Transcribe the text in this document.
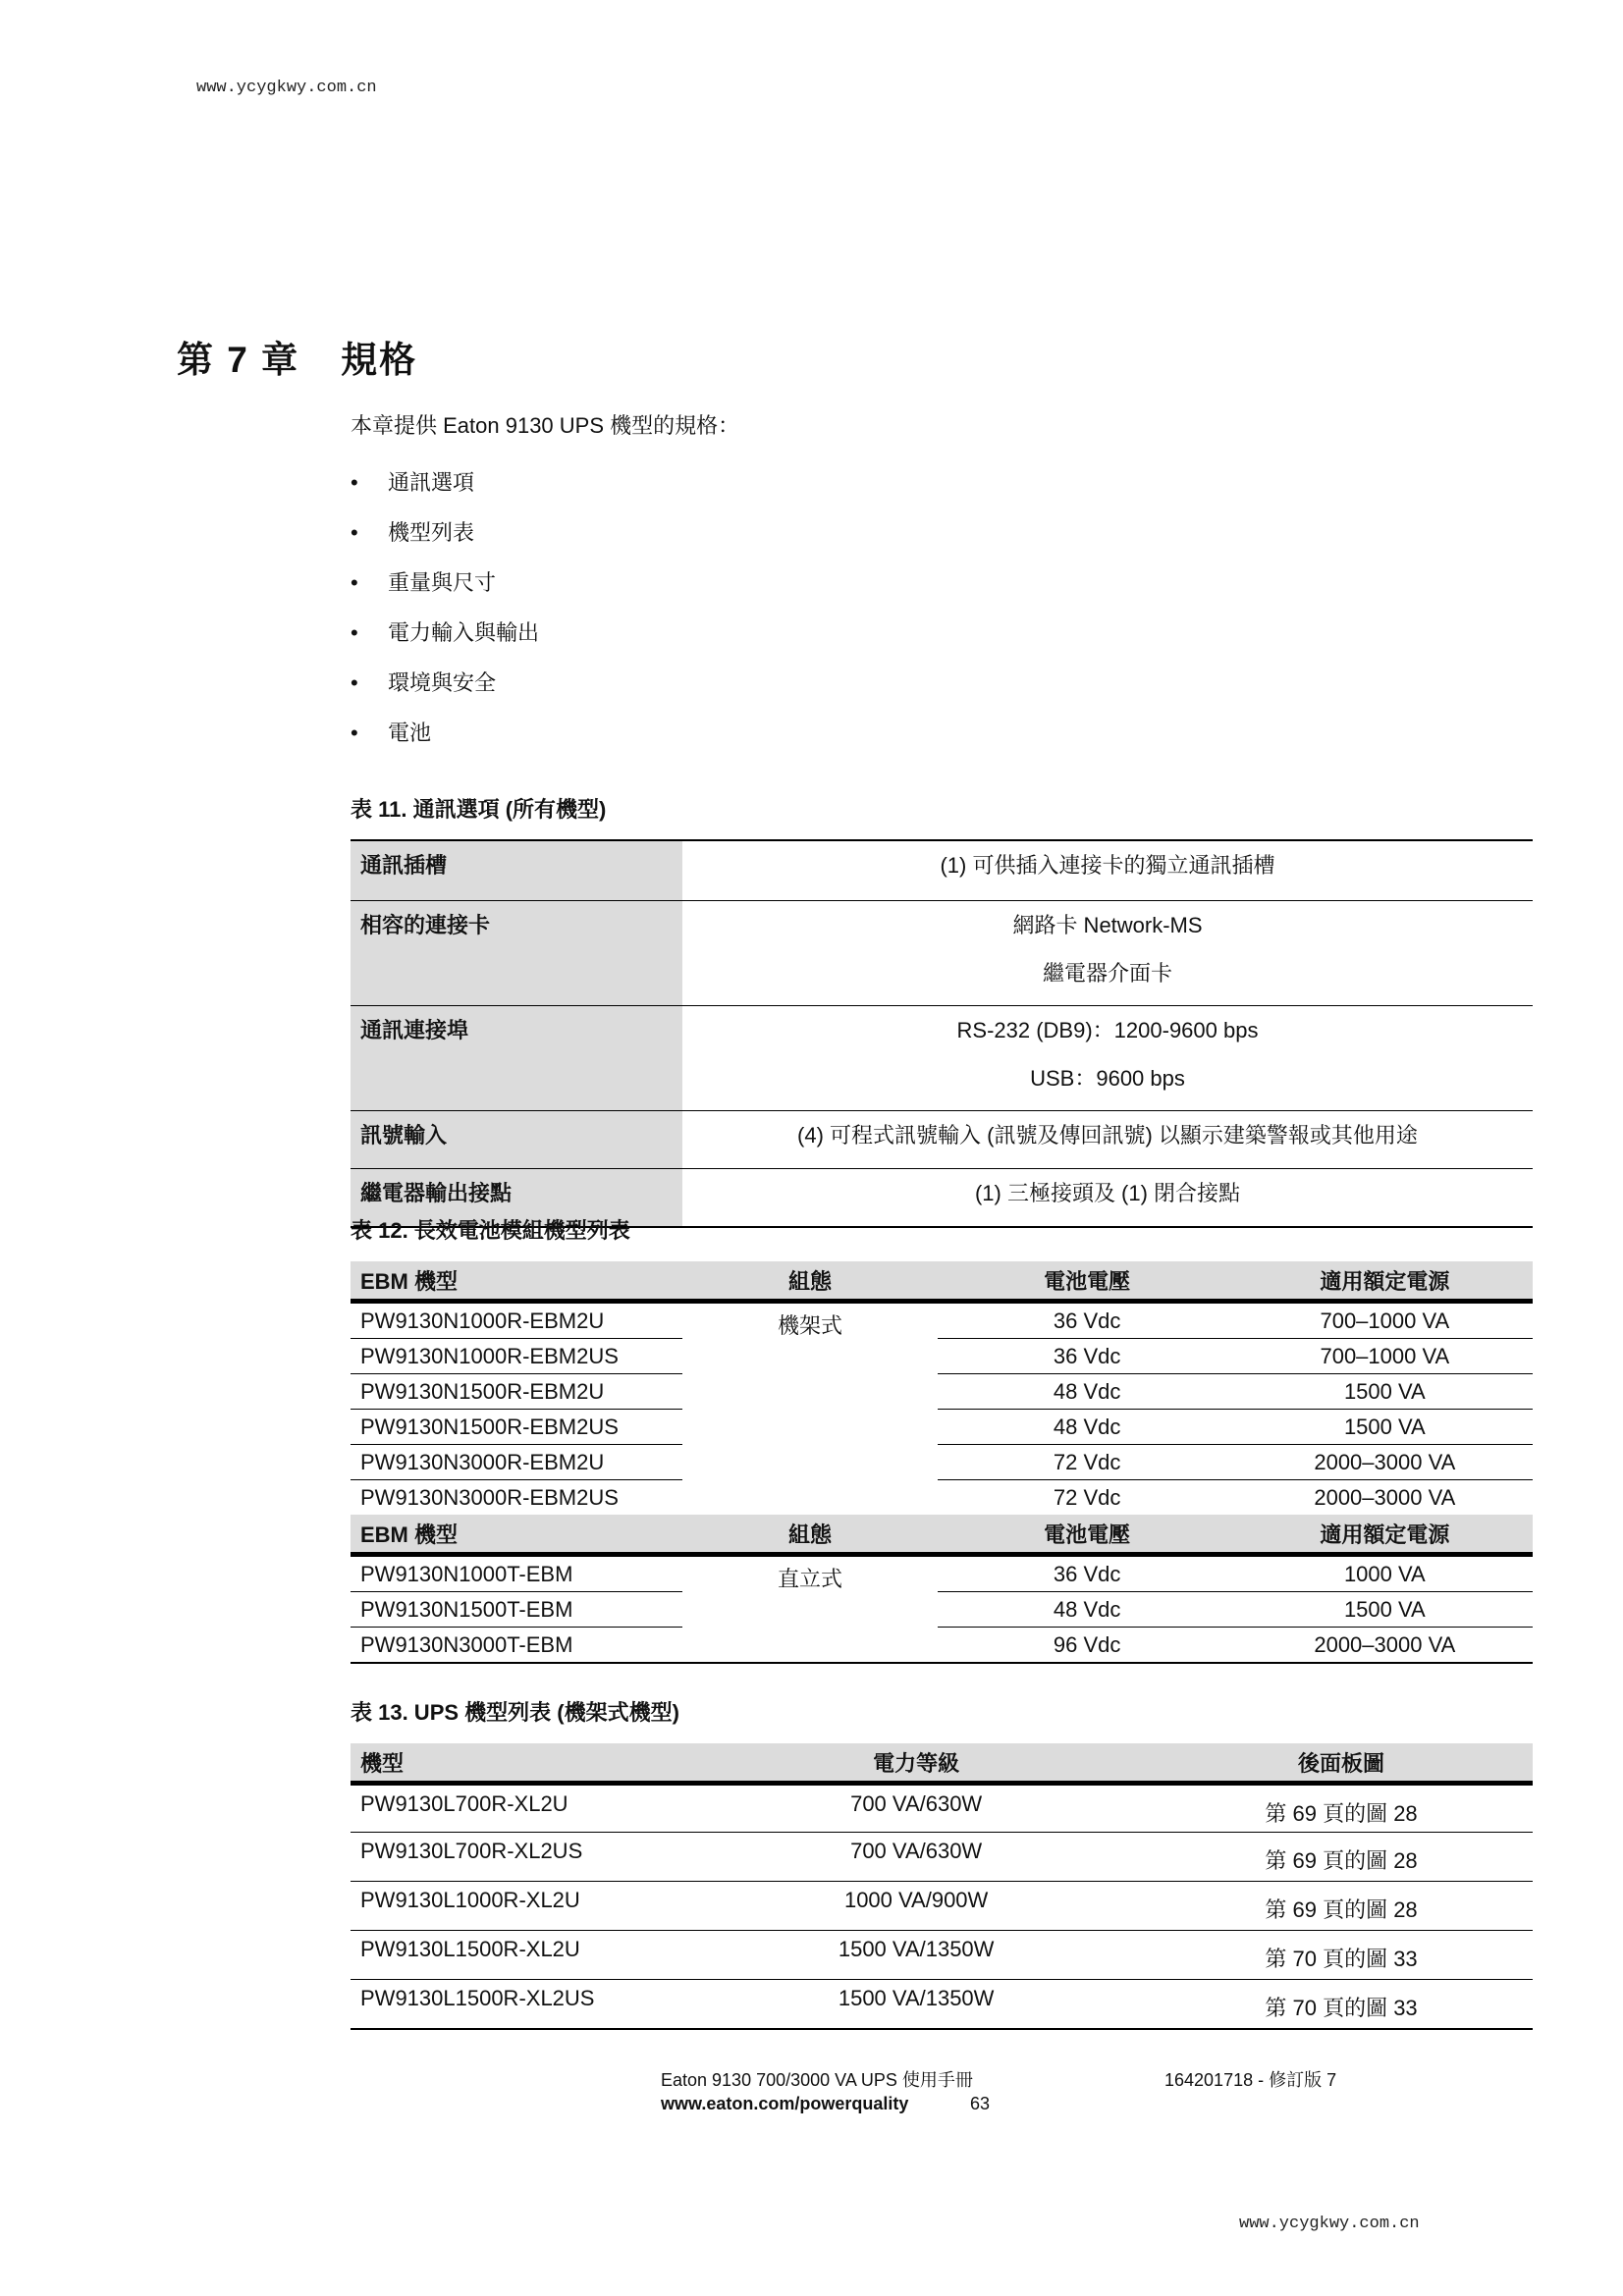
www.ycygkwy.com.cn
第 7 章 規格
本章提供 Eaton 9130 UPS 機型的規格：
• 通訊選項
• 機型列表
• 重量與尺寸
• 電力輸入與輸出
• 環境與安全
• 電池
表 11. 通訊選項 (所有機型)
通訊插槽	(1) 可供插入連接卡的獨立通訊插槽

相容的連接卡	網路卡 Network-MS
繼電器介面卡

通訊連接埠	RS-232 (DB9)：1200-9600 bps
USB：9600 bps

訊號輸入	(4) 可程式訊號輸入 (訊號及傳回訊號) 以顯示建築警報或其他用途

繼電器輸出接點	(1) 三極接頭及 (1) 閉合接點
表 12. 長效電池模組機型列表
EBM 機型	組態	電池電壓	適用額定電源
PW9130N1000R-EBM2U	機架式	36 Vdc	700–1000 VA
PW9130N1000R-EBM2US		36 Vdc	700–1000 VA
PW9130N1500R-EBM2U		48 Vdc	1500 VA
PW9130N1500R-EBM2US		48 Vdc	1500 VA
PW9130N3000R-EBM2U		72 Vdc	2000–3000 VA
PW9130N3000R-EBM2US		72 Vdc	2000–3000 VA
EBM 機型	組態	電池電壓	適用額定電源
PW9130N1000T-EBM	直立式	36 Vdc	1000 VA
PW9130N1500T-EBM		48 Vdc	1500 VA
PW9130N3000T-EBM		96 Vdc	2000–3000 VA
表 13. UPS 機型列表 (機架式機型)
機型	電力等級	後面板圖
PW9130L700R-XL2U	700 VA/630W	第 69 頁的圖 28
PW9130L700R-XL2US	700 VA/630W	第 69 頁的圖 28
PW9130L1000R-XL2U	1000 VA/900W	第 69 頁的圖 28
PW9130L1500R-XL2U	1500 VA/1350W	第 70 頁的圖 33
PW9130L1500R-XL2US	1500 VA/1350W	第 70 頁的圖 33
Eaton 9130 700/3000 VA UPS 使用手冊	164201718 - 修訂版 7
www.eaton.com/powerquality	63
www.ycygkwy.com.cn
